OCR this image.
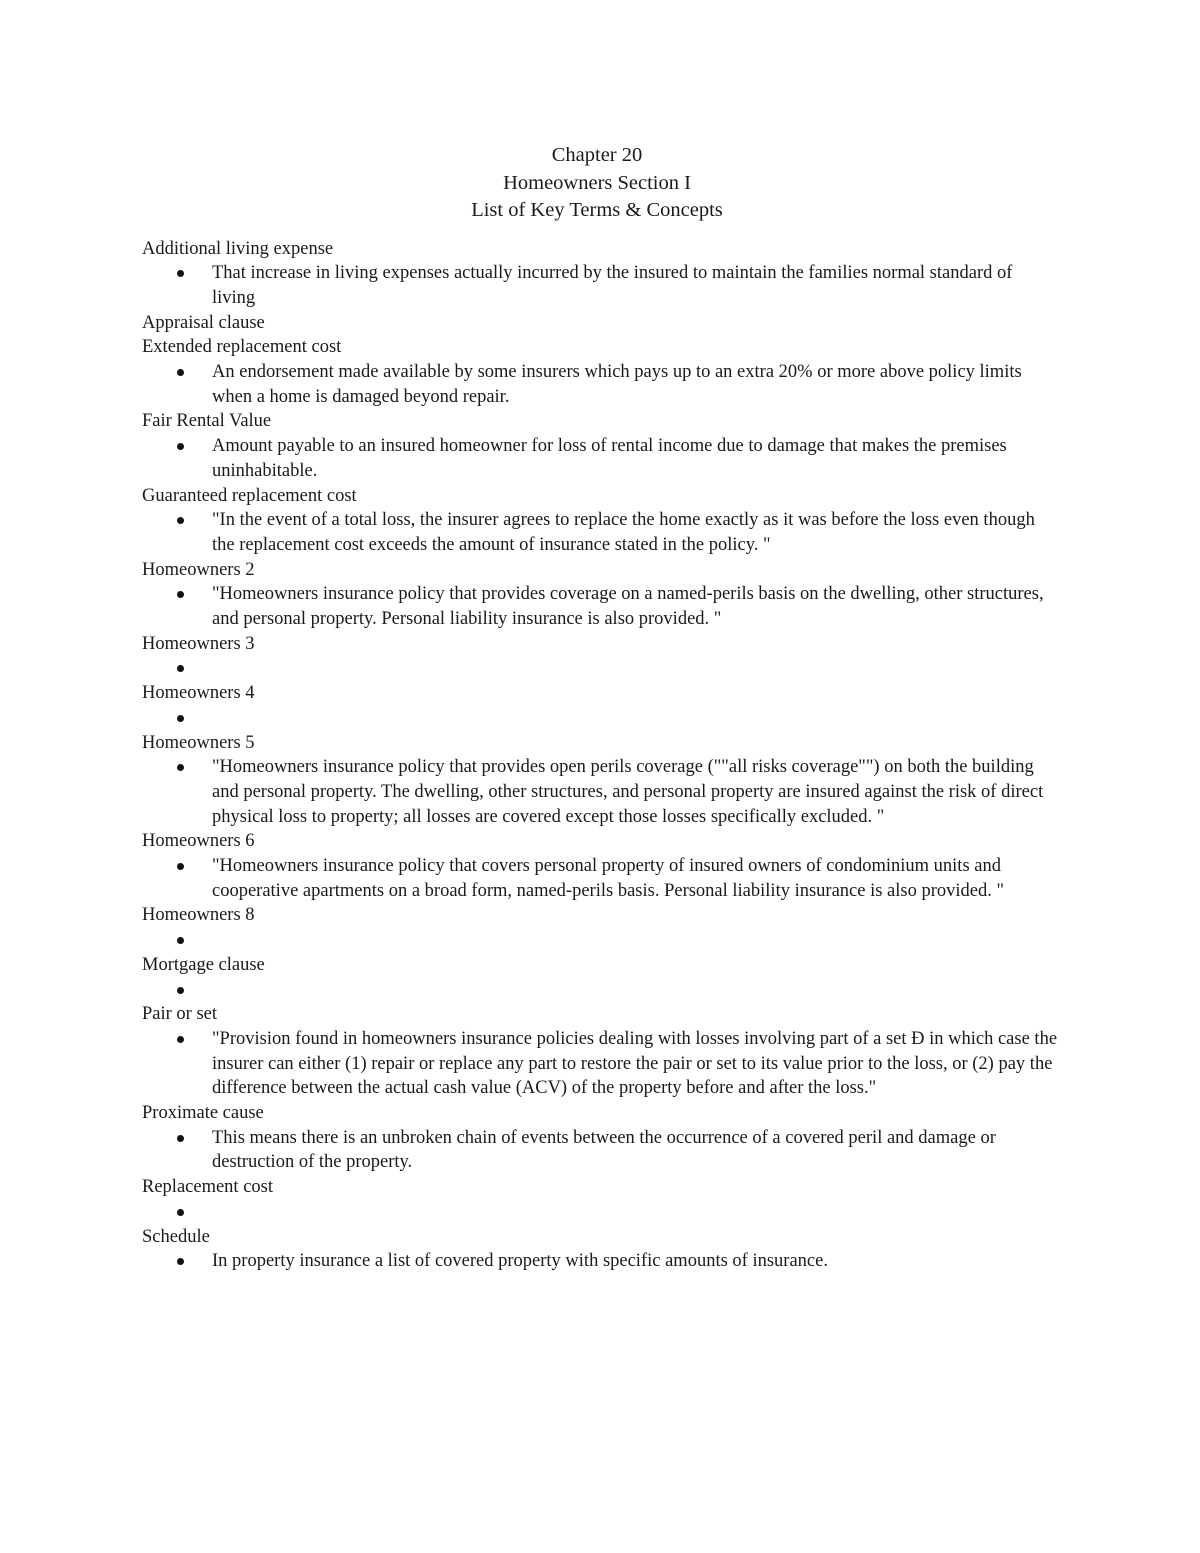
Chapter 20
Homeowners Section I
List of Key Terms & Concepts
Additional living expense
That increase in living expenses actually incurred by the insured to maintain the families normal standard of living
Appraisal clause
Extended replacement cost
An endorsement made available by some insurers which pays up to an extra 20% or more above policy limits when a home is damaged beyond repair.
Fair Rental Value
Amount payable to an insured homeowner for loss of rental income due to damage that makes the premises uninhabitable.
Guaranteed replacement cost
"In the event of a total loss, the insurer agrees to replace the home exactly as it was before the loss even though the replacement cost exceeds the amount of insurance stated in the policy. "
Homeowners 2
"Homeowners insurance policy that provides coverage on a named-perils basis on the dwelling, other structures, and personal property. Personal liability insurance is also provided. "
Homeowners 3
Homeowners 4
Homeowners 5
"Homeowners insurance policy that provides open perils coverage (""all risks coverage"") on both the building and personal property. The dwelling, other structures, and personal property are insured against the risk of direct physical loss to property; all losses are covered except those losses specifically excluded. "
Homeowners 6
"Homeowners insurance policy that covers personal property of insured owners of condominium units and cooperative apartments on a broad form, named-perils basis. Personal liability insurance is also provided. "
Homeowners 8
Mortgage clause
Pair or set
"Provision found in homeowners insurance policies dealing with losses involving part of a set Ð in which case the insurer can either (1) repair or replace any part to restore the pair or set to its value prior to the loss, or (2) pay the difference between the actual cash value (ACV) of the property before and after the loss."
Proximate cause
This means there is an unbroken chain of events between the occurrence of a covered peril and damage or destruction of the property.
Replacement cost
Schedule
In property insurance a list of covered property with specific amounts of insurance.
